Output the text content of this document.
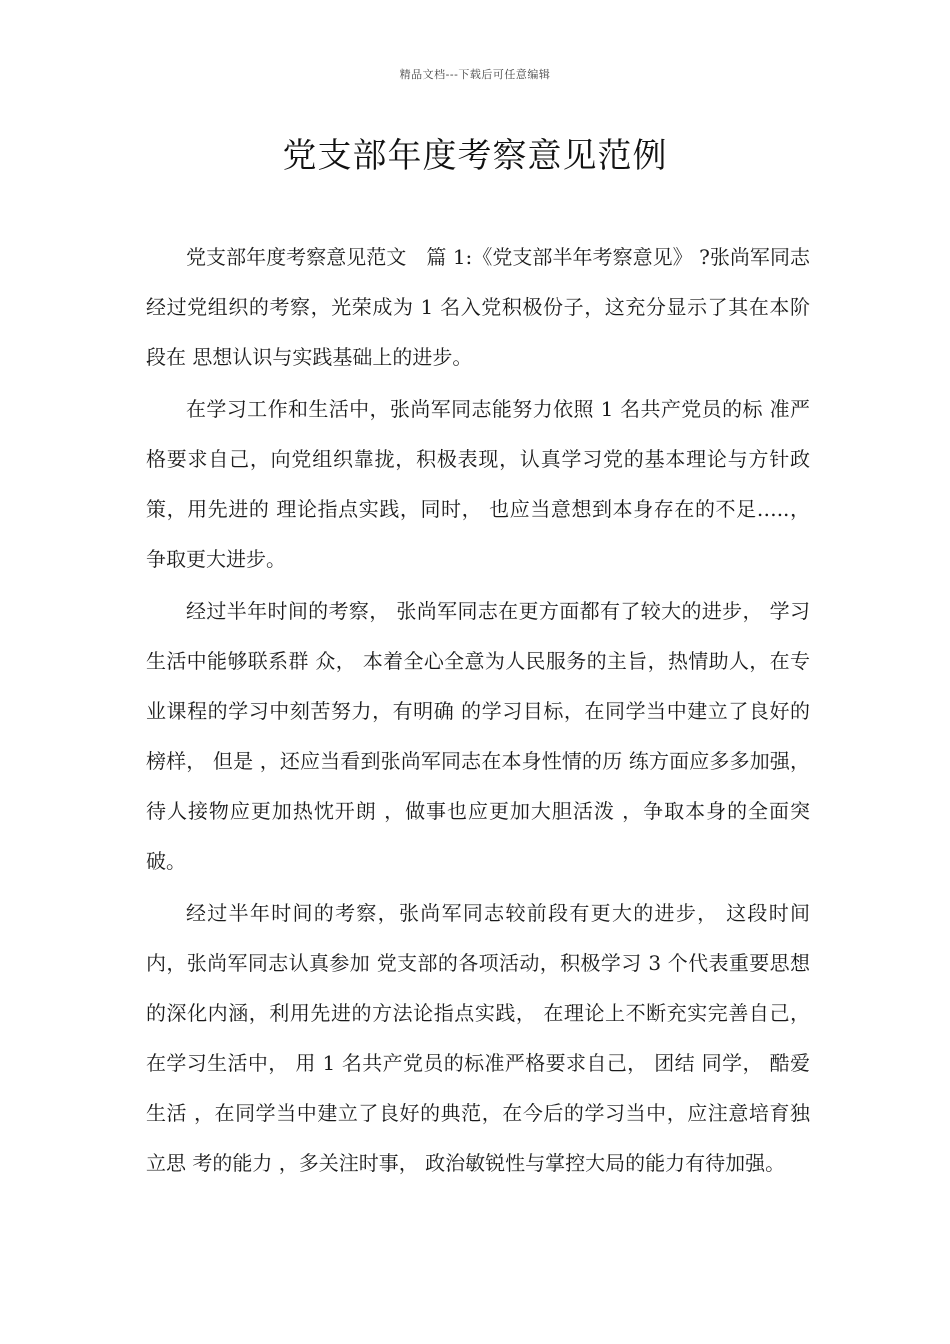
精品文档---下载后可任意编辑
党支部年度考察意见范例

党支部年度考察意见范文　篇 1:《党支部半年考察意见》 ?张尚军同志经过党组织的考察，光荣成为 1 名入党积极份子，这充分显示了其在本阶段在 思想认识与实践基础上的进步。

在学习工作和生活中，张尚军同志能努力依照 1 名共产党员的标 准严格要求自己，向党组织靠拢，积极表现，认真学习党的基本理论与方针政策，用先进的 理论指点实践，同时， 也应当意想到本身存在的不足…..， 争取更大进步。

经过半年时间的考察， 张尚军同志在更方面都有了较大的进步， 学习生活中能够联系群 众， 本着全心全意为人民服务的主旨，热情助人，在专业课程的学习中刻苦努力，有明确 的学习目标，在同学当中建立了良好的榜样， 但是 ，还应当看到张尚军同志在本身性情的历 练方面应多多加强，待人接物应更加热忱开朗 ，做事也应更加大胆活泼 ，争取本身的全面突破。

经过半年时间的考察，张尚军同志较前段有更大的进步， 这段时间内，张尚军同志认真参加 党支部的各项活动，积极学习 3 个代表重要思想的深化内涵，利用先进的方法论指点实践， 在理论上不断充实完善自己，在学习生活中， 用 1 名共产党员的标准严格要求自己， 团结 同学， 酷爱生活 ，在同学当中建立了良好的典范，在今后的学习当中，应注意培育独立思 考的能力 ，多关注时事， 政治敏锐性与掌控大局的能力有待加强。
